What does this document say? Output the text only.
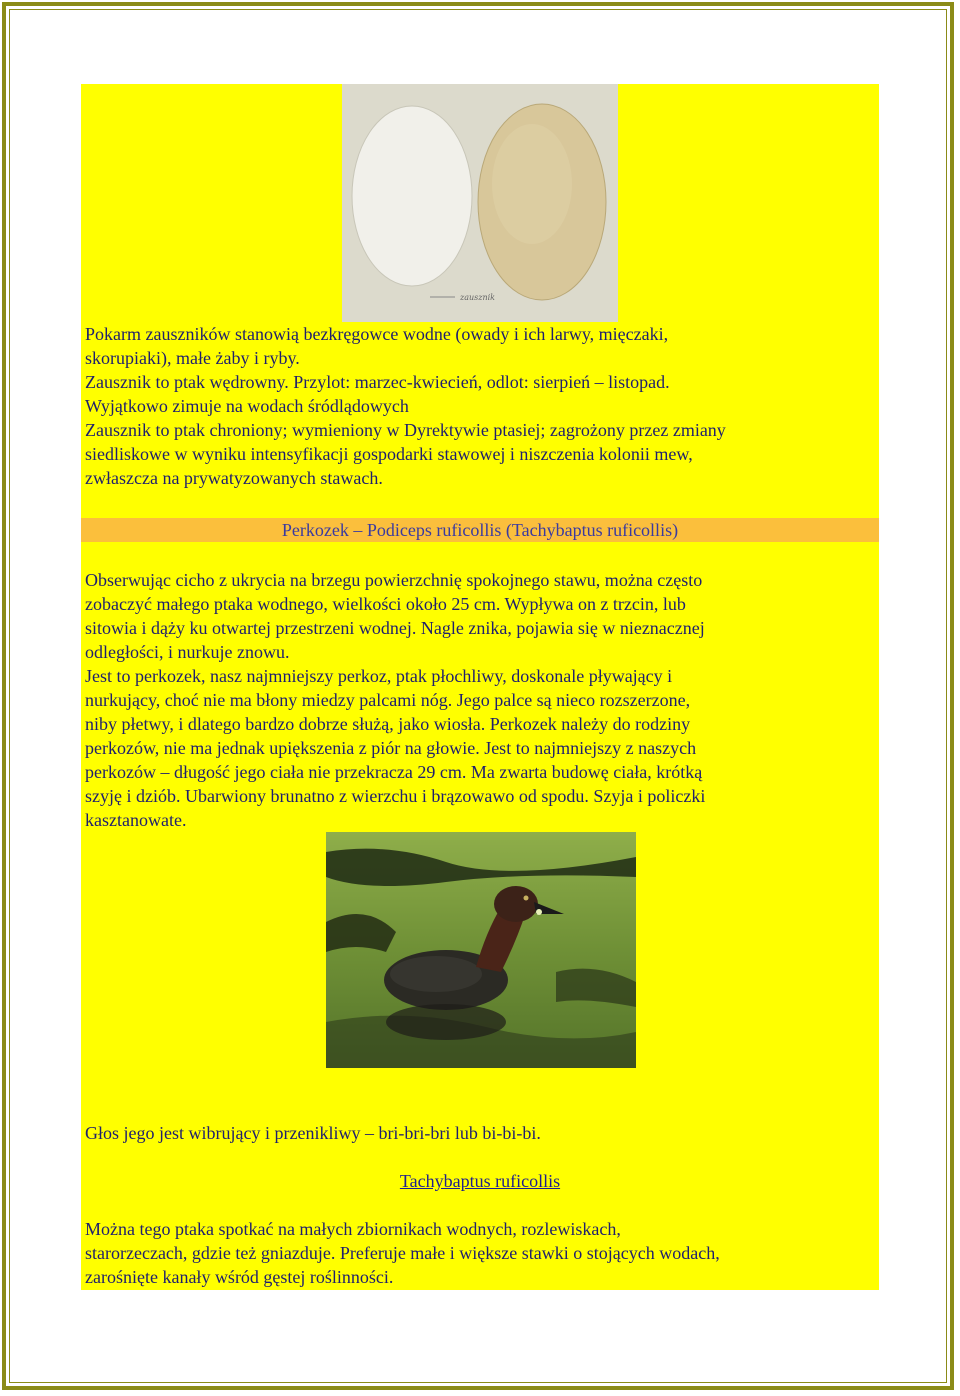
zausznik
Pokarm zauszników stanowią bezkręgowce wodne (owady i ich larwy, mięczaki,
skorupiaki), małe żaby i ryby.
Zausznik to ptak wędrowny. Przylot: marzec-kwiecień, odlot: sierpień – listopad.
Wyjątkowo zimuje na wodach śródlądowych
Zausznik to ptak chroniony; wymieniony w Dyrektywie ptasiej; zagrożony przez zmiany
siedliskowe w wyniku intensyfikacji gospodarki stawowej i niszczenia kolonii mew,
zwłaszcza na prywatyzowanych stawach.
Perkozek – Podiceps ruficollis (Tachybaptus ruficollis)
Obserwując cicho z ukrycia na brzegu powierzchnię spokojnego stawu, można często
zobaczyć małego ptaka wodnego, wielkości około 25 cm. Wypływa on z trzcin, lub
sitowia i dąży ku otwartej przestrzeni wodnej. Nagle znika, pojawia się w nieznacznej
odległości, i nurkuje znowu.
Jest to perkozek, nasz najmniejszy perkoz, ptak płochliwy, doskonale pływający i
nurkujący, choć nie ma błony miedzy palcami nóg. Jego palce są nieco rozszerzone,
niby płetwy, i dlatego bardzo dobrze służą, jako wiosła. Perkozek należy do rodziny
perkozów, nie ma jednak upiększenia z piór na głowie. Jest to najmniejszy z naszych
perkozów – długość jego ciała nie przekracza 29 cm. Ma zwarta budowę ciała, krótką
szyję i dziób. Ubarwiony brunatno z wierzchu i brązowawo od spodu. Szyja i policzki
kasztanowate.
Głos jego jest wibrujący i przenikliwy – bri-bri-bri lub bi-bi-bi.
Tachybaptus ruficollis
Można tego ptaka spotkać na małych zbiornikach wodnych, rozlewiskach,
starorzeczach, gdzie też gniazduje. Preferuje małe i większe stawki o stojących wodach,
zarośnięte kanały wśród gęstej roślinności.
